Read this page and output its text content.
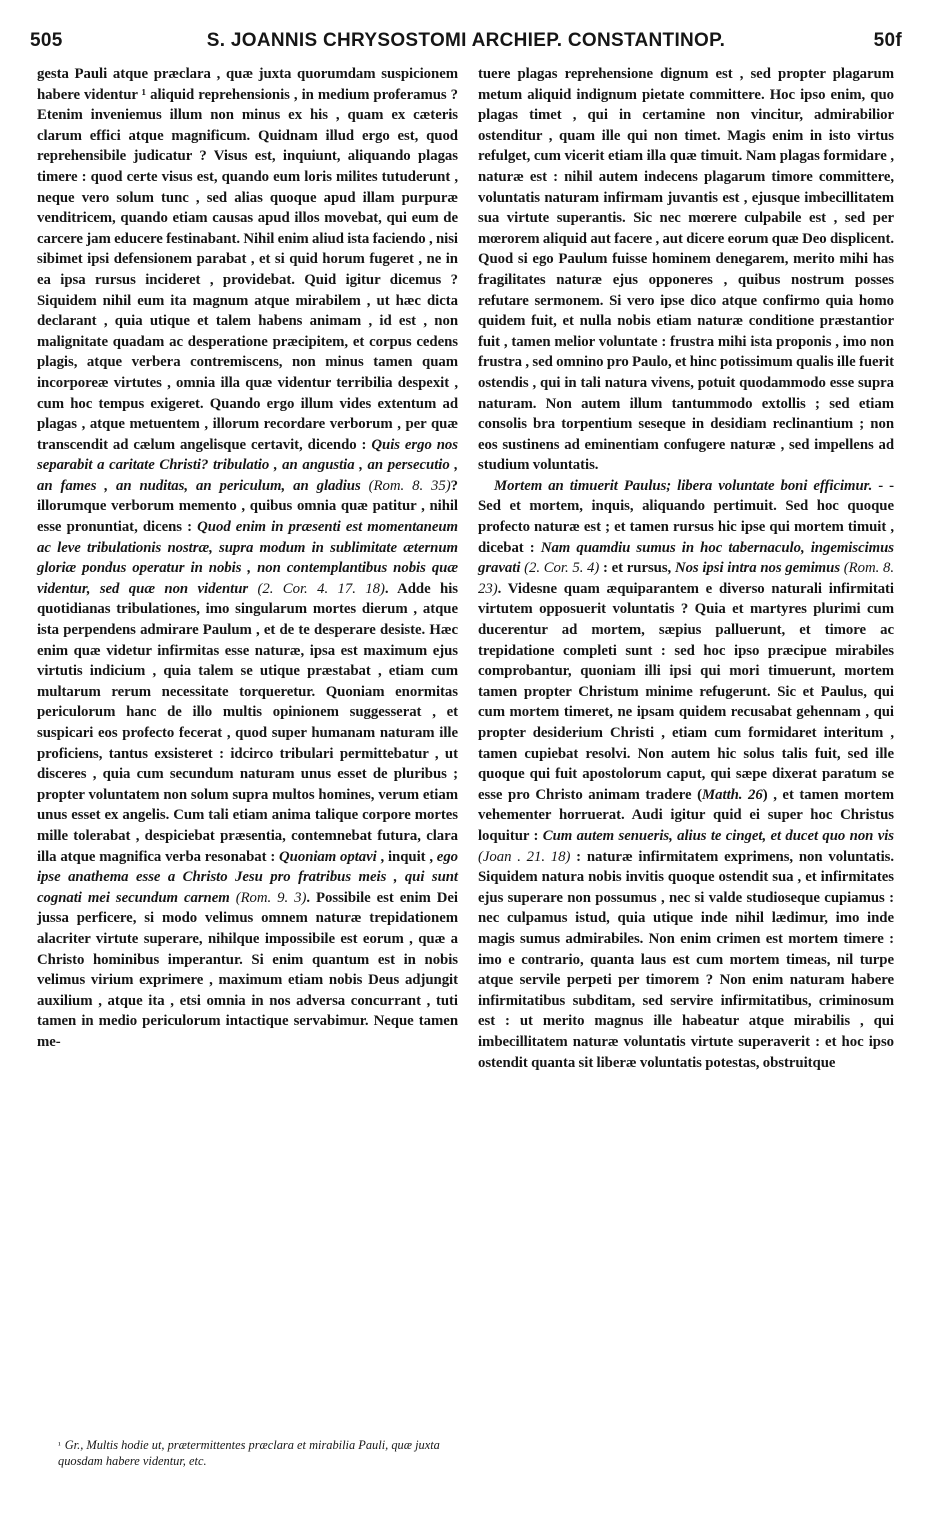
505	S. JOANNIS CHRYSOSTOMI ARCHIEP. CONSTANTINOP.	50f

gesta Pauli atque præclara , quæ juxta quorumdam suspicionem habere videntur ¹ aliquid reprehensionis , in medium proferamus ? Etenim inveniemus illum non minus ex his , quam ex cæteris clarum effici atque magnificum. Quidnam illud ergo est, quod reprehensibile judicatur ? Visus est, inquiunt, aliquando plagas timere : quod certe visus est, quando eum loris milites tutuderunt , neque vero solum tunc , sed alias quoque apud illam purpuræ venditricem, quando etiam causas apud illos movebat, qui eum de carcere jam educere festinabant. Nihil enim aliud ista faciendo , nisi sibimet ipsi defensionem parabat , et si quid horum fugeret , ne in ea ipsa rursus incideret , providebat. Quid igitur dicemus ? Siquidem nihil eum ita magnum atque mirabilem , ut hæc dicta declarant , quia utique et talem habens animam , id est , non malignitate quadam ac desperatione præcipitem, et corpus cedens plagis, atque verbera contremiscens, non minus tamen quam incorporeæ virtutes , omnia illa quæ videntur terribilia despexit , cum hoc tempus exigeret. Quando ergo illum vides extentum ad plagas , atque metuentem , illorum recordare verborum , per quæ transcendit ad cælum angelisque certavit, dicendo : Quis ergo nos separabit a caritate Christi? tribulatio , an angustia , an persecutio , an fames , an nuditas, an periculum, an gladius (Rom. 8. 35)? illorumque verborum memento , quibus omnia quæ patitur , nihil esse pronuntiat, dicens : Quod enim in præsenti est momentaneum ac leve tribulationis nostræ, supra modum in sublimitate æternum gloriæ pondus operatur in nobis , non contemplantibus nobis quæ videntur, sed quæ non videntur (2. Cor. 4. 17. 18). Adde his quotidianas tribulationes, imo singularum mortes dierum , atque ista perpendens admirare Paulum , et de te desperare desiste. Hæc enim quæ videtur infirmitas esse naturæ, ipsa est maximum ejus virtutis indicium , quia talem se utique præstabat , etiam cum multarum rerum necessitate torqueretur. Quoniam enormitas periculorum hanc de illo multis opinionem suggesserat , et suspicari eos profecto fecerat , quod super humanam naturam ille proficiens, tantus exsisteret : idcirco tribulari permittebatur , ut disceres , quia cum secundum naturam unus esset de pluribus ; propter voluntatem non solum supra multos homines, verum etiam unus esset ex angelis. Cum tali etiam anima talique corpore mortes mille tolerabat , despiciebat præsentia, contemnebat futura, clara illa atque magnifica verba resonabat : Quoniam optavi , inquit , ego ipse anathema esse a Christo Jesu pro fratribus meis , qui sunt cognati mei secundum carnem (Rom. 9. 3). Possibile est enim Dei jussa perficere, si modo velimus omnem naturæ trepidationem alacriter virtute superare, nihilque impossibile est eorum , quæ a Christo hominibus imperantur. Si enim quantum est in nobis velimus virium exprimere , maximum etiam nobis Deus adjungit auxilium , atque ita , etsi omnia in nos adversa concurrant , tuti tamen in medio periculorum intactique servabimur. Neque tamen me-

tuere plagas reprehensione dignum est , sed propter plagarum metum aliquid indignum pietate committere. Hoc ipso enim, quo plagas timet , qui in certamine non vincitur, admirabilior ostenditur , quam ille qui non timet. Magis enim in isto virtus refulget, cum vicerit etiam illa quæ timuit. Nam plagas formidare , naturæ est : nihil autem indecens plagarum timore committere, voluntatis naturam infirmam juvantis est , ejusque imbecillitatem sua virtute superantis. Sic nec mœrere culpabile est , sed per mœrorem aliquid aut facere , aut dicere eorum quæ Deo displicent. Quod si ego Paulum fuisse hominem denegarem, merito mihi has fragilitates naturæ ejus opponeres , quibus nostrum posses refutare sermonem. Si vero ipse dico atque confirmo quia homo quidem fuit, et nulla nobis etiam naturæ conditione præstantior fuit , tamen melior voluntate : frustra mihi ista proponis , imo non frustra , sed omnino pro Paulo, et hinc potissimum qualis ille fuerit ostendis , qui in tali natura vivens, potuit quodammodo esse supra naturam. Non autem illum tantummodo extollis ; sed etiam consolis bra torpentium seseque in desidiam reclinantium ; non eos sustinens ad eminentiam confugere naturæ , sed impellens ad studium voluntatis.

Mortem an timuerit Paulus; libera voluntate boni efficimur. - - Sed et mortem, inquis, aliquando pertimuit. Sed hoc quoque profecto naturæ est ; et tamen rursus hic ipse qui mortem timuit , dicebat : Nam quamdiu sumus in hoc tabernaculo, ingemiscimus gravati (2. Cor. 5. 4) : et rursus, Nos ipsi intra nos gemimus (Rom. 8. 23). Videsne quam æquiparantem e diverso naturali infirmitati virtutem opposuerit voluntatis ? Quia et martyres plurimi cum ducerentur ad mortem, sæpius palluerunt, et timore ac trepidatione completi sunt : sed hoc ipso præcipue mirabiles comprobantur, quoniam illi ipsi qui mori timuerunt, mortem tamen propter Christum minime refugerunt. Sic et Paulus, qui cum mortem timeret, ne ipsam quidem recusabat gehennam , qui propter desiderium Christi , etiam cum formidaret interitum , tamen cupiebat resolvi. Non autem hic solus talis fuit, sed ille quoque qui fuit apostolorum caput, qui sæpe dixerat paratum se esse pro Christo animam tradere (Matth. 26) , et tamen mortem vehementer horruerat. Audi igitur quid ei super hoc Christus loquitur : Cum autem senueris, alius te cinget, et ducet quo non vis (Joan . 21. 18) : naturæ infirmitatem exprimens, non voluntatis. Siquidem natura nobis invitis quoque ostendit sua , et infirmitates ejus superare non possumus , nec si valde studioseque cupiamus : nec culpamus istud, quia utique inde nihil lædimur, imo inde magis sumus admirabiles. Non enim crimen est mortem timere : imo e contrario, quanta laus est cum mortem timeas, nil turpe atque servile perpeti per timorem ? Non enim naturam habere infirmitatibus subditam, sed servire infirmitatibus, criminosum est : ut merito magnus ille habeatur atque mirabilis , qui imbecillitatem naturæ voluntatis virtute superaverit : et hoc ipso ostendit quanta sit liberæ voluntatis potestas, obstruitque

$^{^1}$ Gr., Multis hodie ut, prætermittentes præclara et mirabilia Pauli, quæ juxta quosdam habere videntur, etc.
